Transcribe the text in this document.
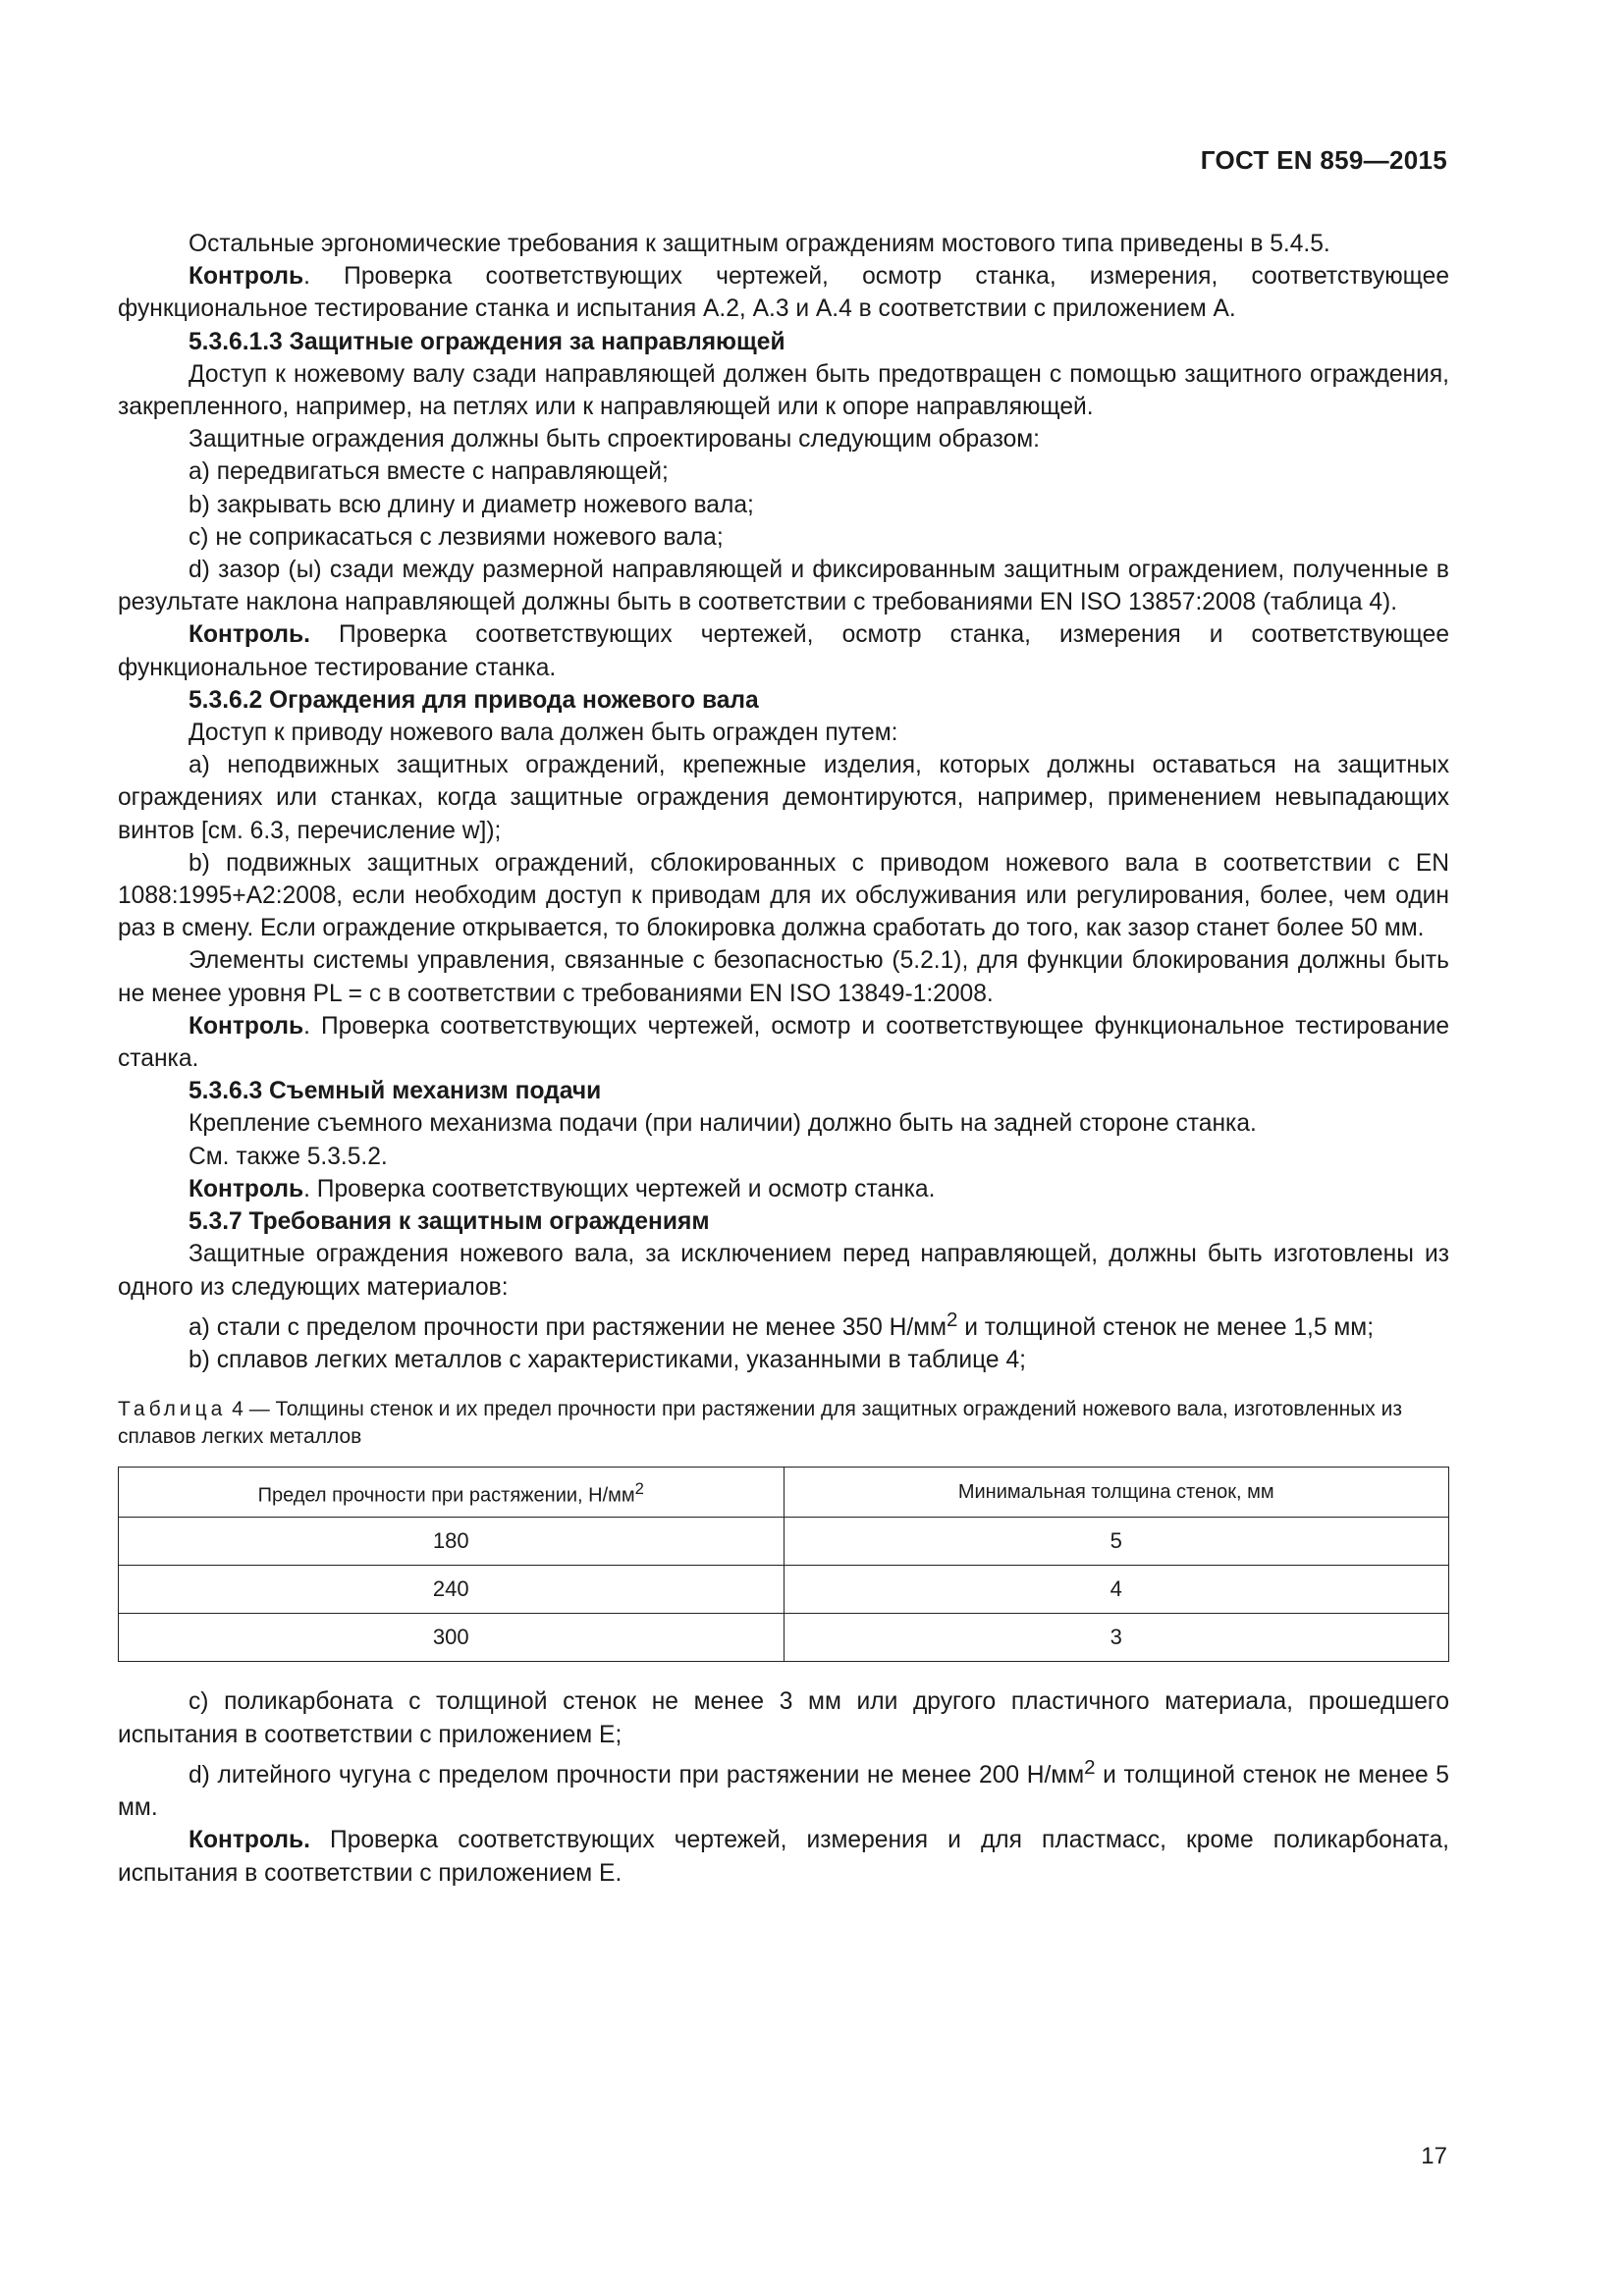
ГОСТ EN 859—2015

Остальные эргономические требования к защитным ограждениям мостового типа приведены в 5.4.5.

Контроль. Проверка соответствующих чертежей, осмотр станка, измерения, соответствующее функциональное тестирование станка и испытания А.2, А.3 и А.4 в соответствии с приложением А.

5.3.6.1.3 Защитные ограждения за направляющей

Доступ к ножевому валу сзади направляющей должен быть предотвращен с помощью защитного ограждения, закрепленного, например, на петлях или к направляющей или к опоре направляющей.

Защитные ограждения должны быть спроектированы следующим образом:

a) передвигаться вместе с направляющей;

b) закрывать всю длину и диаметр ножевого вала;

c) не соприкасаться с лезвиями ножевого вала;

d) зазор (ы) сзади между размерной направляющей и фиксированным защитным ограждением, полученные в результате наклона направляющей должны быть в соответствии с требованиями EN ISO 13857:2008 (таблица 4).

Контроль. Проверка соответствующих чертежей, осмотр станка, измерения и соответствующее функциональное тестирование станка.

5.3.6.2 Ограждения для привода ножевого вала

Доступ к приводу ножевого вала должен быть огражден путем:

a) неподвижных защитных ограждений, крепежные изделия, которых должны оставаться на защитных ограждениях или станках, когда защитные ограждения демонтируются, например, применением невыпадающих винтов [см. 6.3, перечисление w]);

b) подвижных защитных ограждений, сблокированных с приводом ножевого вала в соответствии с EN 1088:1995+A2:2008, если необходим доступ к приводам для их обслуживания или регулирования, более, чем один раз в смену. Если ограждение открывается, то блокировка должна сработать до того, как зазор станет более 50 мм.

Элементы системы управления, связанные с безопасностью (5.2.1), для функции блокирования должны быть не менее уровня PL = c в соответствии с требованиями EN ISO 13849-1:2008.

Контроль. Проверка соответствующих чертежей, осмотр и соответствующее функциональное тестирование станка.

5.3.6.3 Съемный механизм подачи

Крепление съемного механизма подачи (при наличии) должно быть на задней стороне станка.

См. также 5.3.5.2.

Контроль. Проверка соответствующих чертежей и осмотр станка.

5.3.7 Требования к защитным ограждениям

Защитные ограждения ножевого вала, за исключением перед направляющей, должны быть изготовлены из одного из следующих материалов:

a) стали с пределом прочности при растяжении не менее 350 $Н/мм^2$ и толщиной стенок не менее 1,5 мм;

b) сплавов легких металлов с характеристиками, указанными в таблице 4;

Таблица 4 — Толщины стенок и их предел прочности при растяжении для защитных ограждений ножевого вала, изготовленных из сплавов легких металлов
Предел прочности при растяжении, $Н/мм^2$	Минимальная толщина стенок, мм
180	5
240	4
300	3

c) поликарбоната с толщиной стенок не менее 3 мм или другого пластичного материала, прошедшего испытания в соответствии с приложением E;

d) литейного чугуна с пределом прочности при растяжении не менее 200 $Н/мм^2$ и толщиной стенок не менее 5 мм.

Контроль. Проверка соответствующих чертежей, измерения и для пластмасс, кроме поликарбоната, испытания в соответствии с приложением E.

17
